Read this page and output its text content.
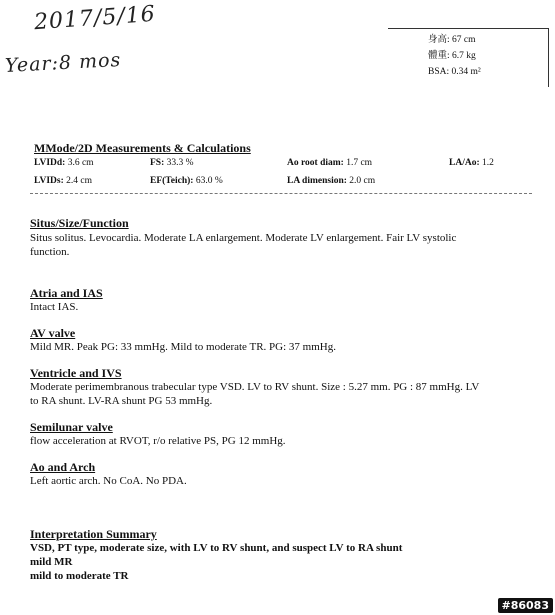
2017/5/16
Year:8 mos
身高: 67 cm
體重: 6.7 kg
BSA: 0.34 m²
MMode/2D Measurements & Calculations
LVIDd: 3.6 cm	FS: 33.3 %	Ao root diam: 1.7 cm	LA/Ao: 1.2
LVIDs: 2.4 cm	EF(Teich): 63.0 %	LA dimension: 2.0 cm
Situs/Size/Function
Situs solitus. Levocardia. Moderate LA enlargement. Moderate LV enlargement. Fair LV systolic
function.
Atria and IAS
Intact IAS.
AV valve
Mild MR. Peak PG: 33 mmHg. Mild to moderate TR. PG: 37 mmHg.
Ventricle and IVS
Moderate perimembranous trabecular type VSD. LV to RV shunt. Size : 5.27 mm. PG : 87 mmHg. LV
to RA shunt. LV-RA shunt PG 53 mmHg.
Semilunar valve
flow acceleration at RVOT, r/o relative PS, PG 12 mmHg.
Ao and Arch
Left aortic arch. No CoA. No PDA.
Interpretation Summary
VSD, PT type, moderate size, with LV to RV shunt, and suspect LV to RA shunt
mild MR
mild to moderate TR
#86083
